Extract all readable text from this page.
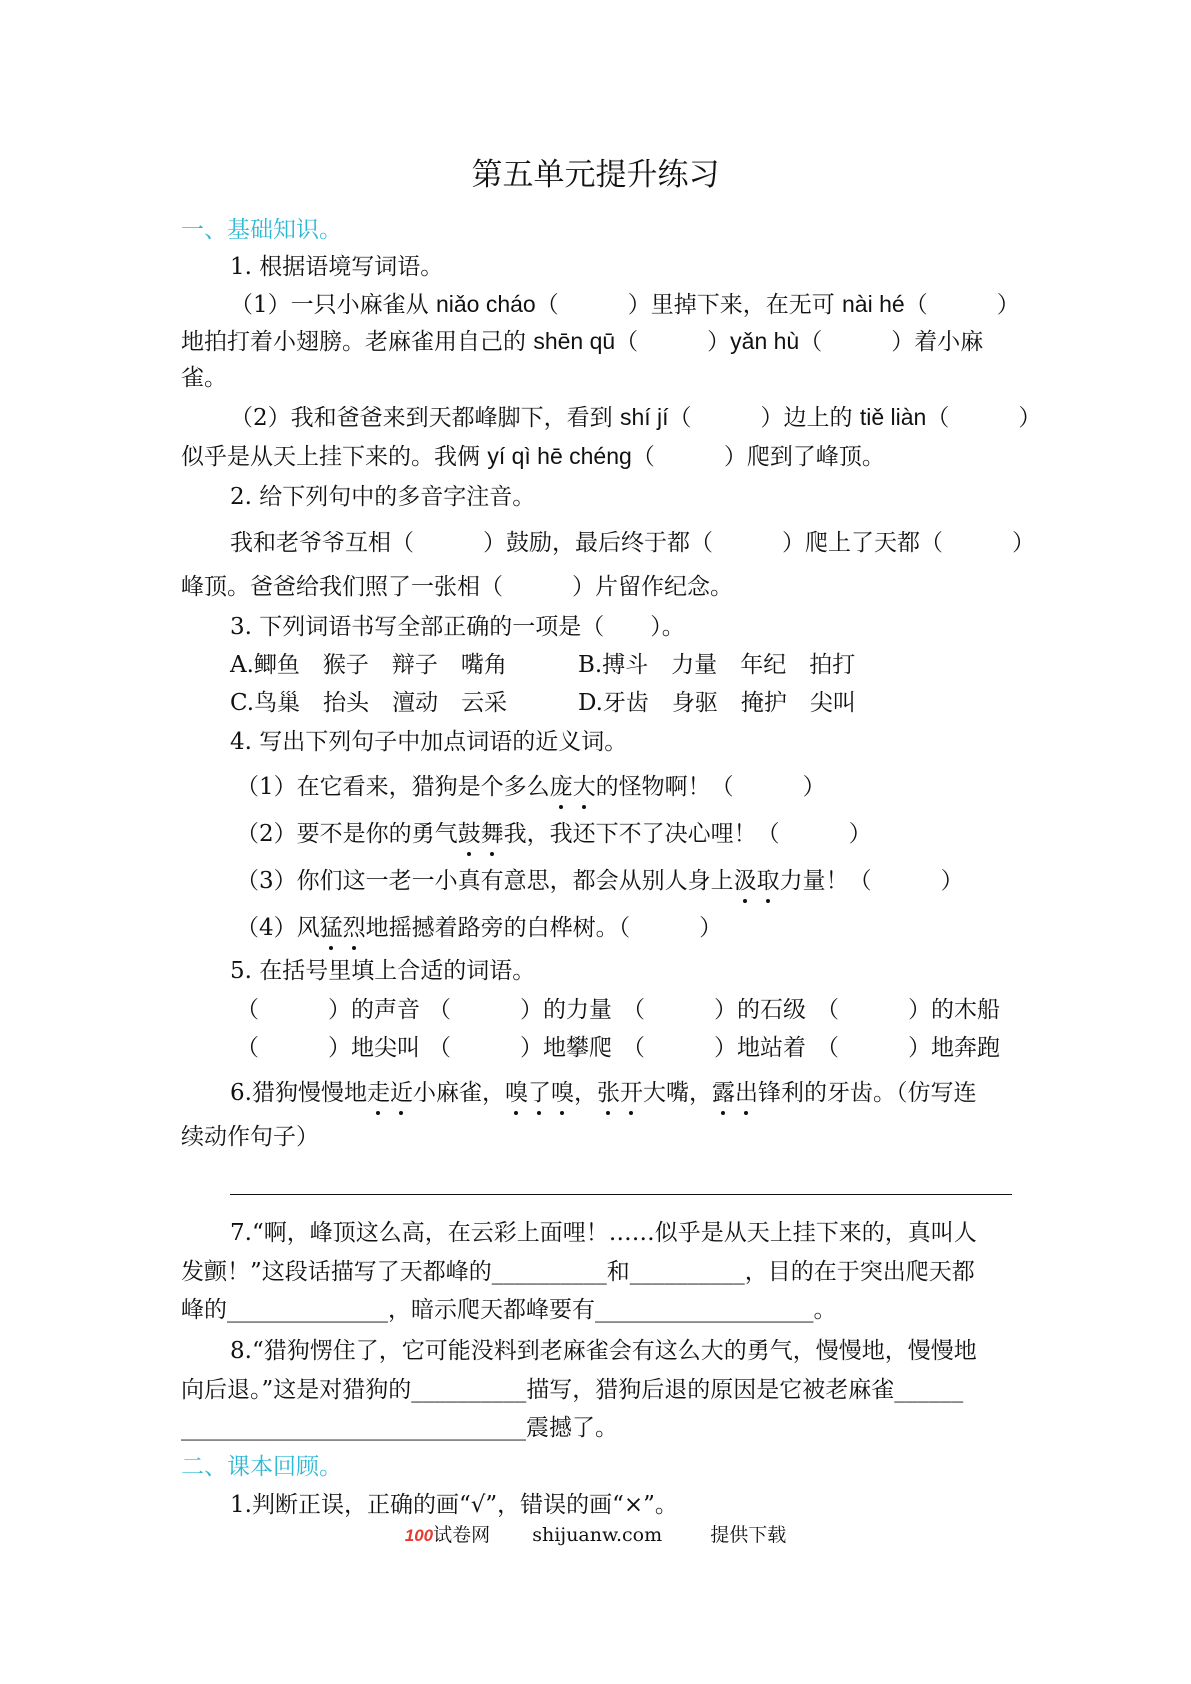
第五单元提升练习
一、基础知识。
1. 根据语境写词语。
（1）一只小麻雀从 niǎo cháo（　　　）里掉下来，在无可 nài hé（　　　）
地拍打着小翅膀。老麻雀用自己的 shēn qū（　　　）yǎn hù（　　　）着小麻
雀。
（2）我和爸爸来到天都峰脚下，看到 shí jí（　　　）边上的 tiě liàn（　　　）
似乎是从天上挂下来的。我俩 yí qì hē chéng（　　　）爬到了峰顶。
2. 给下列句中的多音字注音。
我和老爷爷互相（　　　）鼓励，最后终于都（　　　）爬上了天都（　　　）
峰顶。爸爸给我们照了一张相（　　　）片留作纪念。
3. 下列词语书写全部正确的一项是（　　）。
A.鲫鱼　猴子　辩子　嘴角	B.搏斗　力量　年纪　拍打
C.鸟巢　抬头　澶动　云采	D.牙齿　身驱　掩护　尖叫
4. 写出下列句子中加点词语的近义词。
（1）在它看来，猎狗是个多么庞大的怪物啊！（　　　）
（2）要不是你的勇气鼓舞我，我还下不了决心哩！（　　　）
（3）你们这一老一小真有意思，都会从别人身上汲取力量！（　　　）
（4）风猛烈地摇撼着路旁的白桦树。（　　　）
5. 在括号里填上合适的词语。
（　　　）的声音 （　　　）的力量 （　　　）的石级 （　　　）的木船
（　　　）地尖叫 （　　　）地攀爬 （　　　）地站着 （　　　）地奔跑
6.猎狗慢慢地走近小麻雀，嗅了嗅，张开大嘴，露出锋利的牙齿。（仿写连
续动作句子）
7.“啊，峰顶这么高，在云彩上面哩！……似乎是从天上挂下来的，真叫人
发颤！”这段话描写了天都峰的__________和__________，目的在于突出爬天都
峰的______________，暗示爬天都峰要有___________________。
8.“猎狗愣住了，它可能没料到老麻雀会有这么大的勇气，慢慢地，慢慢地
向后退。”这是对猎狗的__________描写，猎狗后退的原因是它被老麻雀______
______________________________震撼了。
二、课本回顾。
1.判断正误，正确的画“√”，错误的画“×”。
100试卷网 shijuanw.com	提供下载
